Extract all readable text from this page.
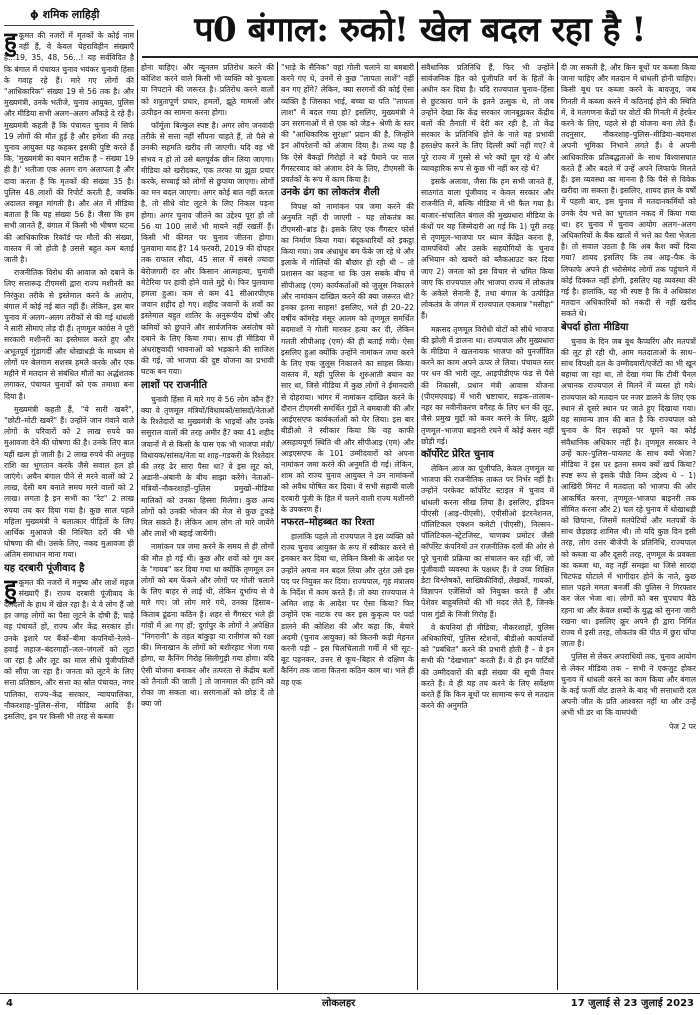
ɸ शमिक लाहिड़ी	प0 बंगाल: रुको! खेल बदल रहा है !

हुकूमत की नजरों में मृतकों के कोई नाम नहीं हैं, वे केवल चेहराविहीन संख्याएँ हैं...19, 35, 48, 56...! यह सर्वविदित है कि बंगाल में पंचायत चुनाव भयंकर चुनावी हिंसा के गवाह रहे हैं। मारे गए लोगों की "आधिकारिक" संख्या 19 से 56 तक है। और मुख्यमंत्री, उनके भतीजे, चुनाव आयुक्त, पुलिस और मीडिया सभी अलग–अलग आँकड़े दे रहे हैं। मुख्यमंत्री कहती हैं कि पंचायत चुनाव में सिर्फ 19 लोगों की मौत हुई है और हमेशा की तरह चुनाव आयुक्त यह कहकर इसकी पुष्टि करते हैं कि, 'मुख्यमंत्री का बयान सटीक है – संख्या 19 ही है।' भतीजा एक अलग राग अलापता है और दावा करता है कि मृतकों की संख्या 35 है। पुलिस 48 लाशों की रिपोर्ट करती है, जबकि अदालत सबूत मांगती है। और अंत में मीडिया बताता है कि यह संख्या 56 है। जैसा कि हम सभी जानते हैं, बंगाल में किसी भी भीषण घटना की आधिकारिक रिकॉर्ड पर मौतों की संख्या, वास्तव में जो होती है उससे बहुत कम बताई जाती है।

राजनीतिक विरोध की आवाज को दबाने के लिए सत्तारूढ़ टीएमसी द्वारा राज्य मशीनरी का निरंकुश तरीके से इस्तेमाल करने के आरोप, बंगाल में कोई नई बात नहीं हैं। लेकिन, इस बार चुनाव में अलग–अलग तरीकों से की गई धांधली ने सारी सीमाएं तोड़ दी हैं। तृणमूल कांग्रेस ने पूरी सरकारी मशीनरी का इस्तेमाल करते हुए और अभूतपूर्व गुंडागर्दी और धोखाधड़ी के माध्यम से लोगों पर बेलगाम सशस्त्र हमले करके और एक महीने में मतदान से संबंधित मौतों का अर्द्धशतक लगाकर, पंचायत चुनावों को एक तमाशा बना दिया है।

मुख्यमंत्री कहती हैं, "ये सारी खबरें", "छोटी–मोटी खबरें" हैं। उन्होंने जान गंवाने वाले लोगों के परिवारों को 2 लाख रुपये का मुआवजा देने की घोषणा की है। उनके लिए बात यहीं खत्म हो जाती है। 2 लाख रुपये की अनुग्रह राशि का भुगतान करके जैसे सवाल हल हो जाएंगे। अचैन बंगाल पीने से मरने वालों को 2 लाख, देसी बम बनाते समय मरने वालों को 2 लाख। लगता है इन सभी का "रेट" 2 लाख रुपया तय कर दिया गया है। कुछ साल पहले महिला मुख्यमंत्री ने बलात्कार पीड़ितों के लिए आर्थिक मुआवजे की निश्चित दरों की भी घोषणा की थी। उसके लिए, नकद मुआवजा ही अंतिम समाधान माना गया।

यह दरबारी पूंजीवाद है

हुकूमत की नजरों में मनुष्य और लाशें महज संख्याएँ हैं। राज्य दरबारी पूंजीवाद के दलदलों के हाथ में खेल रहा है। ये वे लोग हैं जो हर जगह लोगों का पैसा लूटने के दोषी हैं; चाहे वह पंचायतें हों, राज्य और केंद्र सरकार हों। उनके इशारे पर बैंकों–बीमा कंपनियों–रेलवे–हवाई जहाज–बंदरगाहों–जल–जंगलों को लूटा जा रहा है और लूट का माल सीधे पूंजीपतियों को सौंपा जा रहा है। जनता को लूटने के लिए सत्ता प्रतिष्ठान, और सत्ता का स्रोत पंचायत, नगर पालिका, राज्य–केंद्र सरकार, न्यायपालिका, नौकरशाह–पुलिस–सेना, मीडिया आदि हैं। इसलिए, इन पर किसी भी तरह से कब्जा

होना चाहिए। और न्यूनतम प्रतिरोध करने की कोशिश करने वाले किसी भी व्यक्ति को कुचला या निपटाने की जरूरत है। प्रतिरोध करने वालों को शत्रुतापूर्ण प्रचार, हमलों, झूठे मामलों और उत्पीड़न का सामना करना होगा।

फॉर्मूला बिल्कुल स्पष्ट है। अगर लोग जनवादी तरीके से सत्ता नहीं सौंपना चाहते हैं, तो पैसे से उनकी सहमति खरीद ली जाएगी। यदि वह भी संभव न हो तो उसे बलपूर्वक छीन लिया जाएगा। मीडिया को खरीदकर, एक तरफा या झूठा प्रचार करके, सच्चाई को लोगों से छुपाया जाएगा। लोगों का मन बदल जाएगा। अगर कोई बात नहीं करता है, तो सीधे वोट लूटने के लिए निकल पड़ना होगा। अगर चुनाव जीतने का उद्देश्य पूरा हो तो 56 या 100 लाशें भी मायने नहीं रखतीं हैं। किसी भी कीमत पर चुनाव जीतना होगा। पुलवामा याद है? 14 फरवरी, 2019 की दोपहर तक राफाल सौदा, 45 साल में सबसे ज्यादा बेरोजगारी दर और किसान आत्महत्या, चुनावी मेटेरिया पर हावी होने वाले मुद्दे थे। फिर पुलवामा हमला हुआ। कम से कम 41 सीआरपीएफ जवान शहीद हो गए। शहीद जवानों के शवों का इस्तेमाल बहुत शातिर के अनुरूपीय दोषों और कमियों को छुपाने और सार्वजनिक असंतोष को दबाने के लिए किया गया। साथ ही मीडिया में अंधराष्ट्रवादी भावनाओं को भड़काने की साजिश की गई, जो भाजपा की दुष्ट योजना का प्रभावी घटक बन गया।

लाशों पर राजनीति

चुनावी हिंसा में मारे गए ये 56 लोग कौन हैं? क्या वे तृणमूल मंत्रियों/विधायकों/सांसदों/नेताओं के रिश्तेदारों या मुख्यमंत्री के भाइयों और उनके ससुराल वालों की तरह अमीर हैं? क्या 41 शहीद जवानों में से किसी के पास एक भी भाजपा मंत्री/विधायक/सांसद/नेता या शाह–गडकरी के रिश्तेदार की तरह ढेर सारा पैसा था? वे इस लूट को, अडानी–अंबानी के बीच साझा करेंगे। नेताओं–मंत्रियों–नौकरशाहों–पुलिस प्रमुखों–मीडिया मालिकों को उनका हिस्सा मिलेगा। कुछ अन्य लोगों को उनकी भोजन की मेज से कुछ टुकड़े मिल सकते हैं। लेकिन आम लोग तो मारे जायेंगे और लाशें भी बहाई जायेंगी।

नामांकन पत्र जमा करने के समय से ही लोगों की मौत हो गई थी। कुछ और शवों को गुम कर के "गायब" कर दिया गया था क्योंकि तृणमूल उन लोगों को बम फेंकने और लोगों पर गोली चलाने के लिए बाहर से लाई थी, लेकिन दुर्भाग्य से वे मारे गए। जो लोग मारे गये, उनका हिसाब–किताब ढूंढना कठिन है। शहर से गैंगस्टर भले ही गांवों में आ गए हों; दुर्गापुर के लोगों ने अपेक्षित "निगरानी" के तहत बांकुड़ा या रानीगंज को रक्षा की। मिनाखान के लोगों को बशीरहाट भेजा गया होगा, या कैनिंग गिरोह सिलीगुड़ी गया होगा। यदि ऐसी योजना बनाकर और तत्परता से केंद्रीय बलों को तैनाती की जाती ] तो जानमाल की हानि को रोका जा सकता था। सरगनाओं को छोड़ दें तो क्या जो

"भाड़े के सैनिक" वहां गोली चलाने या बमबारी करने गए थे, उनमें से कुछ "लापता लाशें" नहीं बन गए होंगे? लेकिन, क्या सरगनों की कोई ऐसा व्यक्ति है जिसका भाई, बच्चा या पति "लापता लाश" में बदल गया हो? इसलिए, मुख्यमंत्री ने उन सरगनाओं में से एक को जेड+ श्रेणी के स्तर की "आधिकारिक सुरक्षा" प्रदान की है, जिन्होंने इन ऑपरेशनों को अंजाम दिया है। तथ्य यह है कि ऐसे बैकड़ों गिरोहों ने बड़े पैमाने पर नाल गैंगस्टरवाद को अंजाम देने के लिए, टीएमसी के प्रवर्तकों के रूप में काम किया है।

उनके ढंग का लोकतंत्र शैली

विपक्ष को नामांकन पत्र जमा करने की अनुमति नहीं दी जाएगी – यह लोकतंत्र का टीएमसी–ब्रांड है। इसके लिए एक गैंगस्टर फोर्स का निर्माण किया गया। बंदूकधारियों को इकट्ठा किया गया। जब अंधाधुंध बम फेंके जा रहे थे और इलाके में गोलियों की बौछार हो रही थी – तो प्रशासन का कहना था कि उस सबके बीच में सीपीआइ (एम) कार्यकर्ताओं को जुलूस निकालने और नामांकन दाखिल करने की क्या जरूरत थी? इनका इतना साहस! इसलिए, भले ही 20–22 वर्षीय कॉमरेड मंसूर आलम को तृणमूल समर्थित बदमाशों ने गोली मारकर हत्या कर दी, लेकिन गलती सीपीआइ (एम) की ही बताई गयी। ऐसा इसलिए हुआ क्योंकि उन्होंने नामांकन जमा करने के लिए एक जुलूस निकालने का साहस किया। वास्तव में, यही पुलिस के शुरुआती बयान का सार था, जिसे मीडिया में कुछ लोगों ने ईमानदारी से दोहराया। भांगर में नामांकन दाखिल करने के दौरान टीएमसी समर्थित गुंडों ने बमबाजी की और आईएसएफ कार्यकर्ताओं को घेर लिया। इस बार बीडीओ ने स्वीकार किया कि वह काफी असहायपूर्ण स्थिति थी और सीपीआइ (एम) और आइएसएफ के 101 उम्मीदवारों को अपना नामांकन जमा करने की अनुमति दी गई। लेकिन, शाम को राज्य चुनाव आयुक्त ने उन नामांकनों को अवैध घोषित कर दिया। वे सभी सहायी वाली दरबारी पूंजी के हित में चलने वाली राज्य मशीनरी के उपकरण हैं।

नफरत–मोहब्बत का रिश्ता

हालांकि पहले तो राज्यपाल ने इस व्यक्ति को राज्य चुनाव आयुक्त के रूप में स्वीकार करने से इनकार कर दिया था, लेकिन किसी के आदेश पर उन्होंने अपना मन बदल लिया और तुरंत उसे इस पद पर नियुक्त कर दिया। राज्यपाल, गृह मंत्रालय के निर्देश में काम करते हैं। तो क्या राज्यपाल ने अमित शाह के आदेश पर ऐसा किया? फिर उन्होंने एक नाटक रच कर इस कुकृत्य पर पर्दा डालने की कोशिश की और कहा कि, बेचारे अदमी (चुनाव आयुक्त) को कितनी कड़ी मेहनत करनी पड़ी – इस चिलचिलाती गर्मी में भी सूट–बूट पहनकर, उत्तर से कूच–बिहार से दक्षिण के कैनिंग तक जाना कितना कठिन काम था। भले ही वह एक

संवैधानिक प्रतिनिधि हैं, फिर भी उन्होंने सार्वजनिक हित को पूंजीपति वर्ग के हितों के अधीन कर दिया है। यदि राज्यपाल चुनाव–हिंसा से छुटकारा पाने के इतने उत्सुक थे, तो जब उन्होंने देखा कि केंद्र सरकार जानबूझकर केंद्रीय बलों की तैनाती में देरी कर रही है, तो केंद्र सरकार के प्रतिनिधि होने के नाते वह प्रभावी हस्तक्षेप करने के लिए दिल्ली क्यों नहीं गए? वे पूरे राज्य में गुस्से से भरे क्यों घूम रहे थे और व्यावहारिक रूप से कुछ भी नहीं कर रहे थे?

इसके अलावा, जैसा कि हम सभी जानते हैं, साठगांठ वाला पूंजीवाद न केवल सरकार और राजनीति में, बल्कि मीडिया में भी फैल गया है। बाजार–संचालित बंगाल की मुख्यधारा मीडिया के कंधों पर यह जिम्मेदारी आ गई कि 1) पूरी तरह से तृणमूल–भाजपा पर ध्यान केंद्रित करना है, वामपंथियों और उसके सहयोगियों के चुनाव अभियान को खबरों को ब्लैकआउट कर दिया जाए 2) जनता को इस विचार से भ्रमित किया जाए कि राज्यपाल और भाजपा राज्य में लोकतंत्र के अकेले सेनानी हैं, तथा बंगाल के उत्पीड़ित लोकतंत्र के जंगल में राज्यपाल एकमात्र "मसीहा" हैं।

मक़सद तृणमूल विरोधी वोटों को सीधे भाजपा की झोली में डालना था। राज्यपाल और मुख्यधारा के मीडिया ने खलनायक भाजपा को पुनर्जीवित करने का काम अपने ऊपर ले लिया। पंचायत स्तर पर धन की भारी लूट, आइपीडीएफ फंड से पैसे की निकासी, प्रधान मंत्री आवास योजना (पीएमएवाइ) में भारी भ्रष्टाचार, सड़क–तालाब–नहर का नवीनीकरण वगैरह के लिए धन की लूट, जैसे प्रमुख मुद्दों को कवर करने के लिए, झूठी तृणमूल–भाजपा बाइनरी रचने में कोई कसर नहीं छोड़ी गई।

कॉर्पोरेट प्रेरित चुनाव

लेकिन आज का पूंजीपति, केवल तृणमूल या भाजपा की राजनीतिक ताकत पर निर्भर नहीं है। उन्होंने परफेक्ट कॉर्पोरेट स्टाइल में चुनाव में धांधली करना सीख लिया है। इसलिए, इंडियन पीएसी (आइ–पीएसी), एपीसीओ इंटरनेशनल, पॉलिटिकल एक्शन कमेटी (पीएसी), निल्सन–पॉलिटिकल–स्ट्रेटजिस्ट, चाणक्य प्रमोटर जैसी कॉर्पोरेट कंपनियों उन राजनीतिक दलों की ओर से पूरे चुनावी प्रक्रिया का संचालन कर रही थीं, जो पूंजीवादी व्यवस्था के पक्षधर हैं। वे उच्च शिक्षित डेटा विश्लेषकों, साख्यिकीविदों, लेखकों, गायकों, विज्ञापन एजेंसियों को नियुक्त करते हैं और पेशेवर बाहुबलियों की भी मदद लेते हैं, जिनके पास गुंडों के निजी गिरोह हैं।

वे कंपनियां ही मीडिया, नौकरशाहों, पुलिस अधिकारियों, पुलिस स्टेशनों, बीडीओ कार्यालयों को "प्रबंधित" करने की प्रभारी होती हैं – वे इन सभी की "देखभाल" करती हैं। वे ही इन पार्टियों की उम्मीदवारों की बड़ी संख्या की सूची तैयार करते हैं। वे ही यह तय करने के लिए सर्वेक्षण करते हैं कि किन बूथों पर सामान्य रूप से मतदान करने की अनुमति

दी जा सकती है, और किन बूथों पर कब्जा किया जाना चाहिए और मतदान में धांधली होनी चाहिए। किसी बूथ पर कब्जा करने के बावजूद, जब गिनती में कब्जा करने में कठिनाई होने की स्थिति में, वे मतगणना केंद्रों पर वोटों की गिनती में हेरफेर करने के लिए, पहले से ही योजना बना लेते हैं। तदनुसार, नौकरशाह–पुलिस–मीडिया–बदमाश अपनी भूमिका निभाने लगते हैं। वे अपनी आधिकारिक प्रतिबद्धताओं के साथ विश्वासघात करते हैं और बदले में उन्हें अपने लिफाफे मिलते हैं। इस व्यवस्था का मानना है कि पैसे से विवेक खरीदा जा सकता है। इसलिए, शायद हाल के वर्षों में पहली बार, इस चुनाव में मतदानकर्मियों को उनके देय भत्ते का भुगतान नकद में किया गया था। हर चुनाव में चुनाव आयोग अलग–अलग अधिकारियों के बैंक खातों में भत्ते का पैसा भेजता है। तो सवाल उठता है कि अब कैश क्यों दिया गया? शायद इसलिए कि तब आइ–पैक के लिफाफे अपने ही भरोसेमंद लोगों तक पहुंचाने में कोई दिक्कत नहीं होगी, इसलिए यह व्यवस्था की गई है। हालांकि, यह भी स्पष्ट है कि वे अधिकांश मतदान अधिकारियों को नकदी से नहीं खरीद सकते थे।

बेपर्दा होता मीडिया

चुनाव के दिन जब बूथ कैप्चरिंग और मतपत्रों की लूट हो रही थी, आम मतदाताओं के साथ–साथ विपक्षी दल के उम्मीदवारों/एजेंटों का भी खून बहाया जा रहा था, तो देखा गया कि टीवी चैनल अचानक राज्यपाल से मिलने में व्यस्त हो गये। राज्यपाल को मतदान पर नजर डालने के लिए एक स्थान से दूसरे स्थान पर जाते हुए दिखाया गया। वह सामान्य ज्ञान की बात है कि राज्यपाल को चुनाव के दिन सड़कों पर घूमने का कोई संवैधानिक अधिकार नहीं है। तृणमूल सरकार ने उन्हें कार–पुलिस–पायलट के साथ क्यों भेजा? मीडिया ने इस पर इतना समय क्यों खर्च किया? स्पष्ट रूप से इसके पीछे निम्न उद्देश्य थे – 1) आखिरी मिनट में मतदाता को भाजपा की ओर आकर्षित करना, तृणमूल–भाजपा बाइनरी तक सीमित करना और 2) चल रहे चुनाव में धोखाधड़ी को छिपाना, जिसमें मतपेटियों और मतपत्रों के साथ छेड़छाड़ शामिल थी। तो यदि कुछ दिन इसी तरह, लोग उत्तर बीजेपी के प्रतिनिधि, राज्यपाल को कब्जा या और दूसरी तरह, तृणमूल के प्रवक्ता का कब्जा था, वह नहीं समझा था जिसे सारदा चिटफंड घोटाले में भागीदार होने के नाते, कुछ साल पहले ममता बनर्जी की पुलिस ने गिरफ्तार कर जेल भेजा था। लोगों को बस चुपचाप बैठे रहना था और केवल शब्दों के युद्ध को सुनना जारी रखना था। इसलिए क्रूर अपने ही द्वारा निर्मित राज्य में इसी तरह, लोकतंत्र की पीठ में छुरा घोंपा जाता है।

पुलिस से लेकर अपराधियों तक, चुनाव आयोग से लेकर मीडिया तक – सभी ने एकजुट होकर चुनाव में धांधली करने का काम किया और बंगाल के कई फर्जी वोट डालने के बाद भी सत्ताधारी दल अपनी जीत के प्रति आश्वस्त नहीं था और उन्हें अभी भी डर था कि वामपंथी

पेज 2 पर

4	लोकलहर	17 जुलाई से 23 जुलाई 2023
